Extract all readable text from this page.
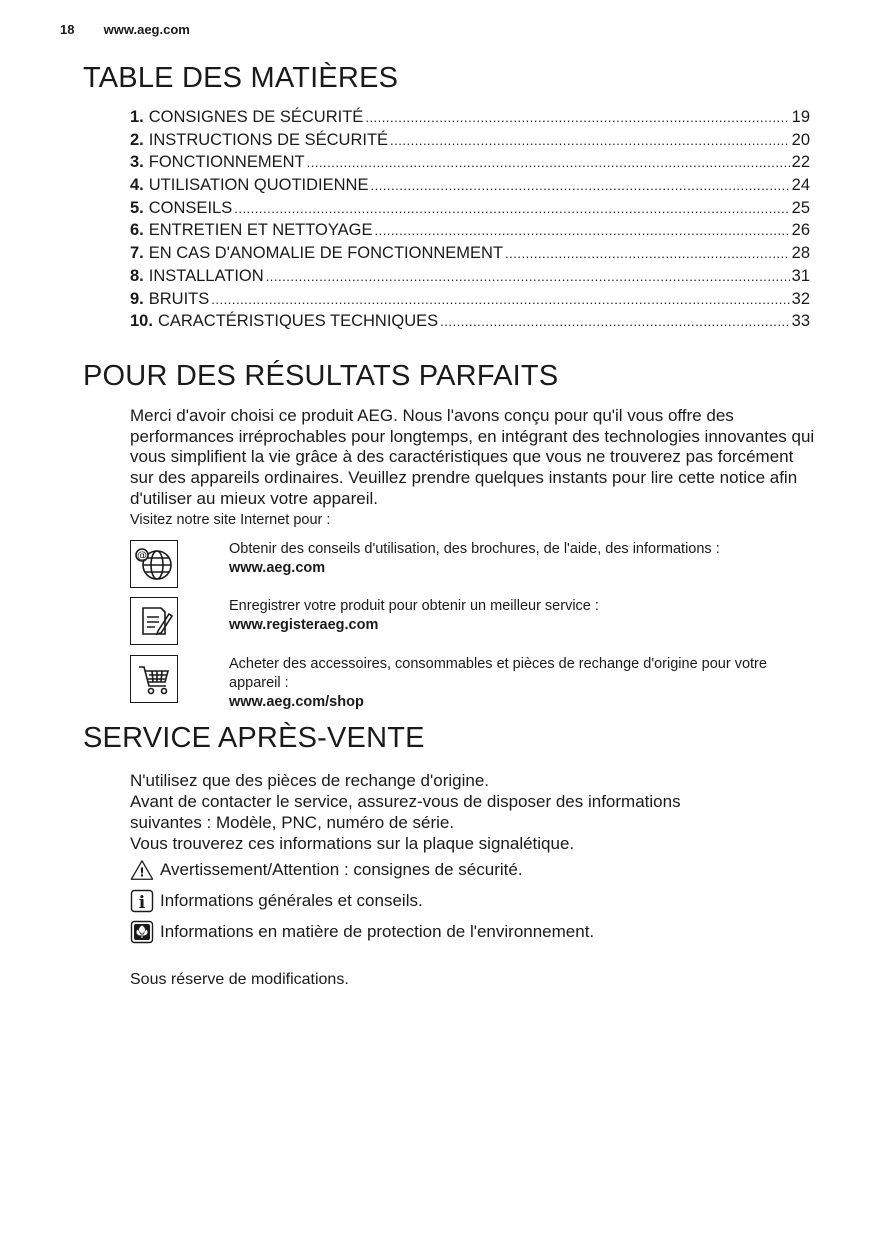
18 www.aeg.com
TABLE DES MATIÈRES
1. CONSIGNES DE SÉCURITÉ .....	19
2. INSTRUCTIONS DE SÉCURITÉ .....	20
3. FONCTIONNEMENT .....	22
4. UTILISATION QUOTIDIENNE .....	24
5. CONSEILS .....	25
6. ENTRETIEN ET NETTOYAGE .....	26
7. EN CAS D'ANOMALIE DE FONCTIONNEMENT .....	28
8. INSTALLATION .....	31
9. BRUITS .....	32
10. CARACTÉRISTIQUES TECHNIQUES .....	33
POUR DES RÉSULTATS PARFAITS

Merci d'avoir choisi ce produit AEG. Nous l'avons conçu pour qu'il vous offre des performances irréprochables pour longtemps, en intégrant des technologies innovantes qui vous simplifient la vie grâce à des caractéristiques que vous ne trouverez pas forcément sur des appareils ordinaires. Veuillez prendre quelques instants pour lire cette notice afin d'utiliser au mieux votre appareil.

Visitez notre site Internet pour :
@	Obtenir des conseils d'utilisation, des brochures, de l'aide, des informations :
www.aeg.com
Enregistrer votre produit pour obtenir un meilleur service :
www.registeraeg.com
Acheter des accessoires, consommables et pièces de rechange d'origine pour votre appareil :
www.aeg.com/shop
SERVICE APRÈS-VENTE
N'utilisez que des pièces de rechange d'origine.
Avant de contacter le service, assurez-vous de disposer des informations
suivantes : Modèle, PNC, numéro de série.
Vous trouverez ces informations sur la plaque signalétique.
! Avertissement/Attention : consignes de sécurité.
i Informations générales et conseils.
Informations en matière de protection de l'environnement.
Sous réserve de modifications.
